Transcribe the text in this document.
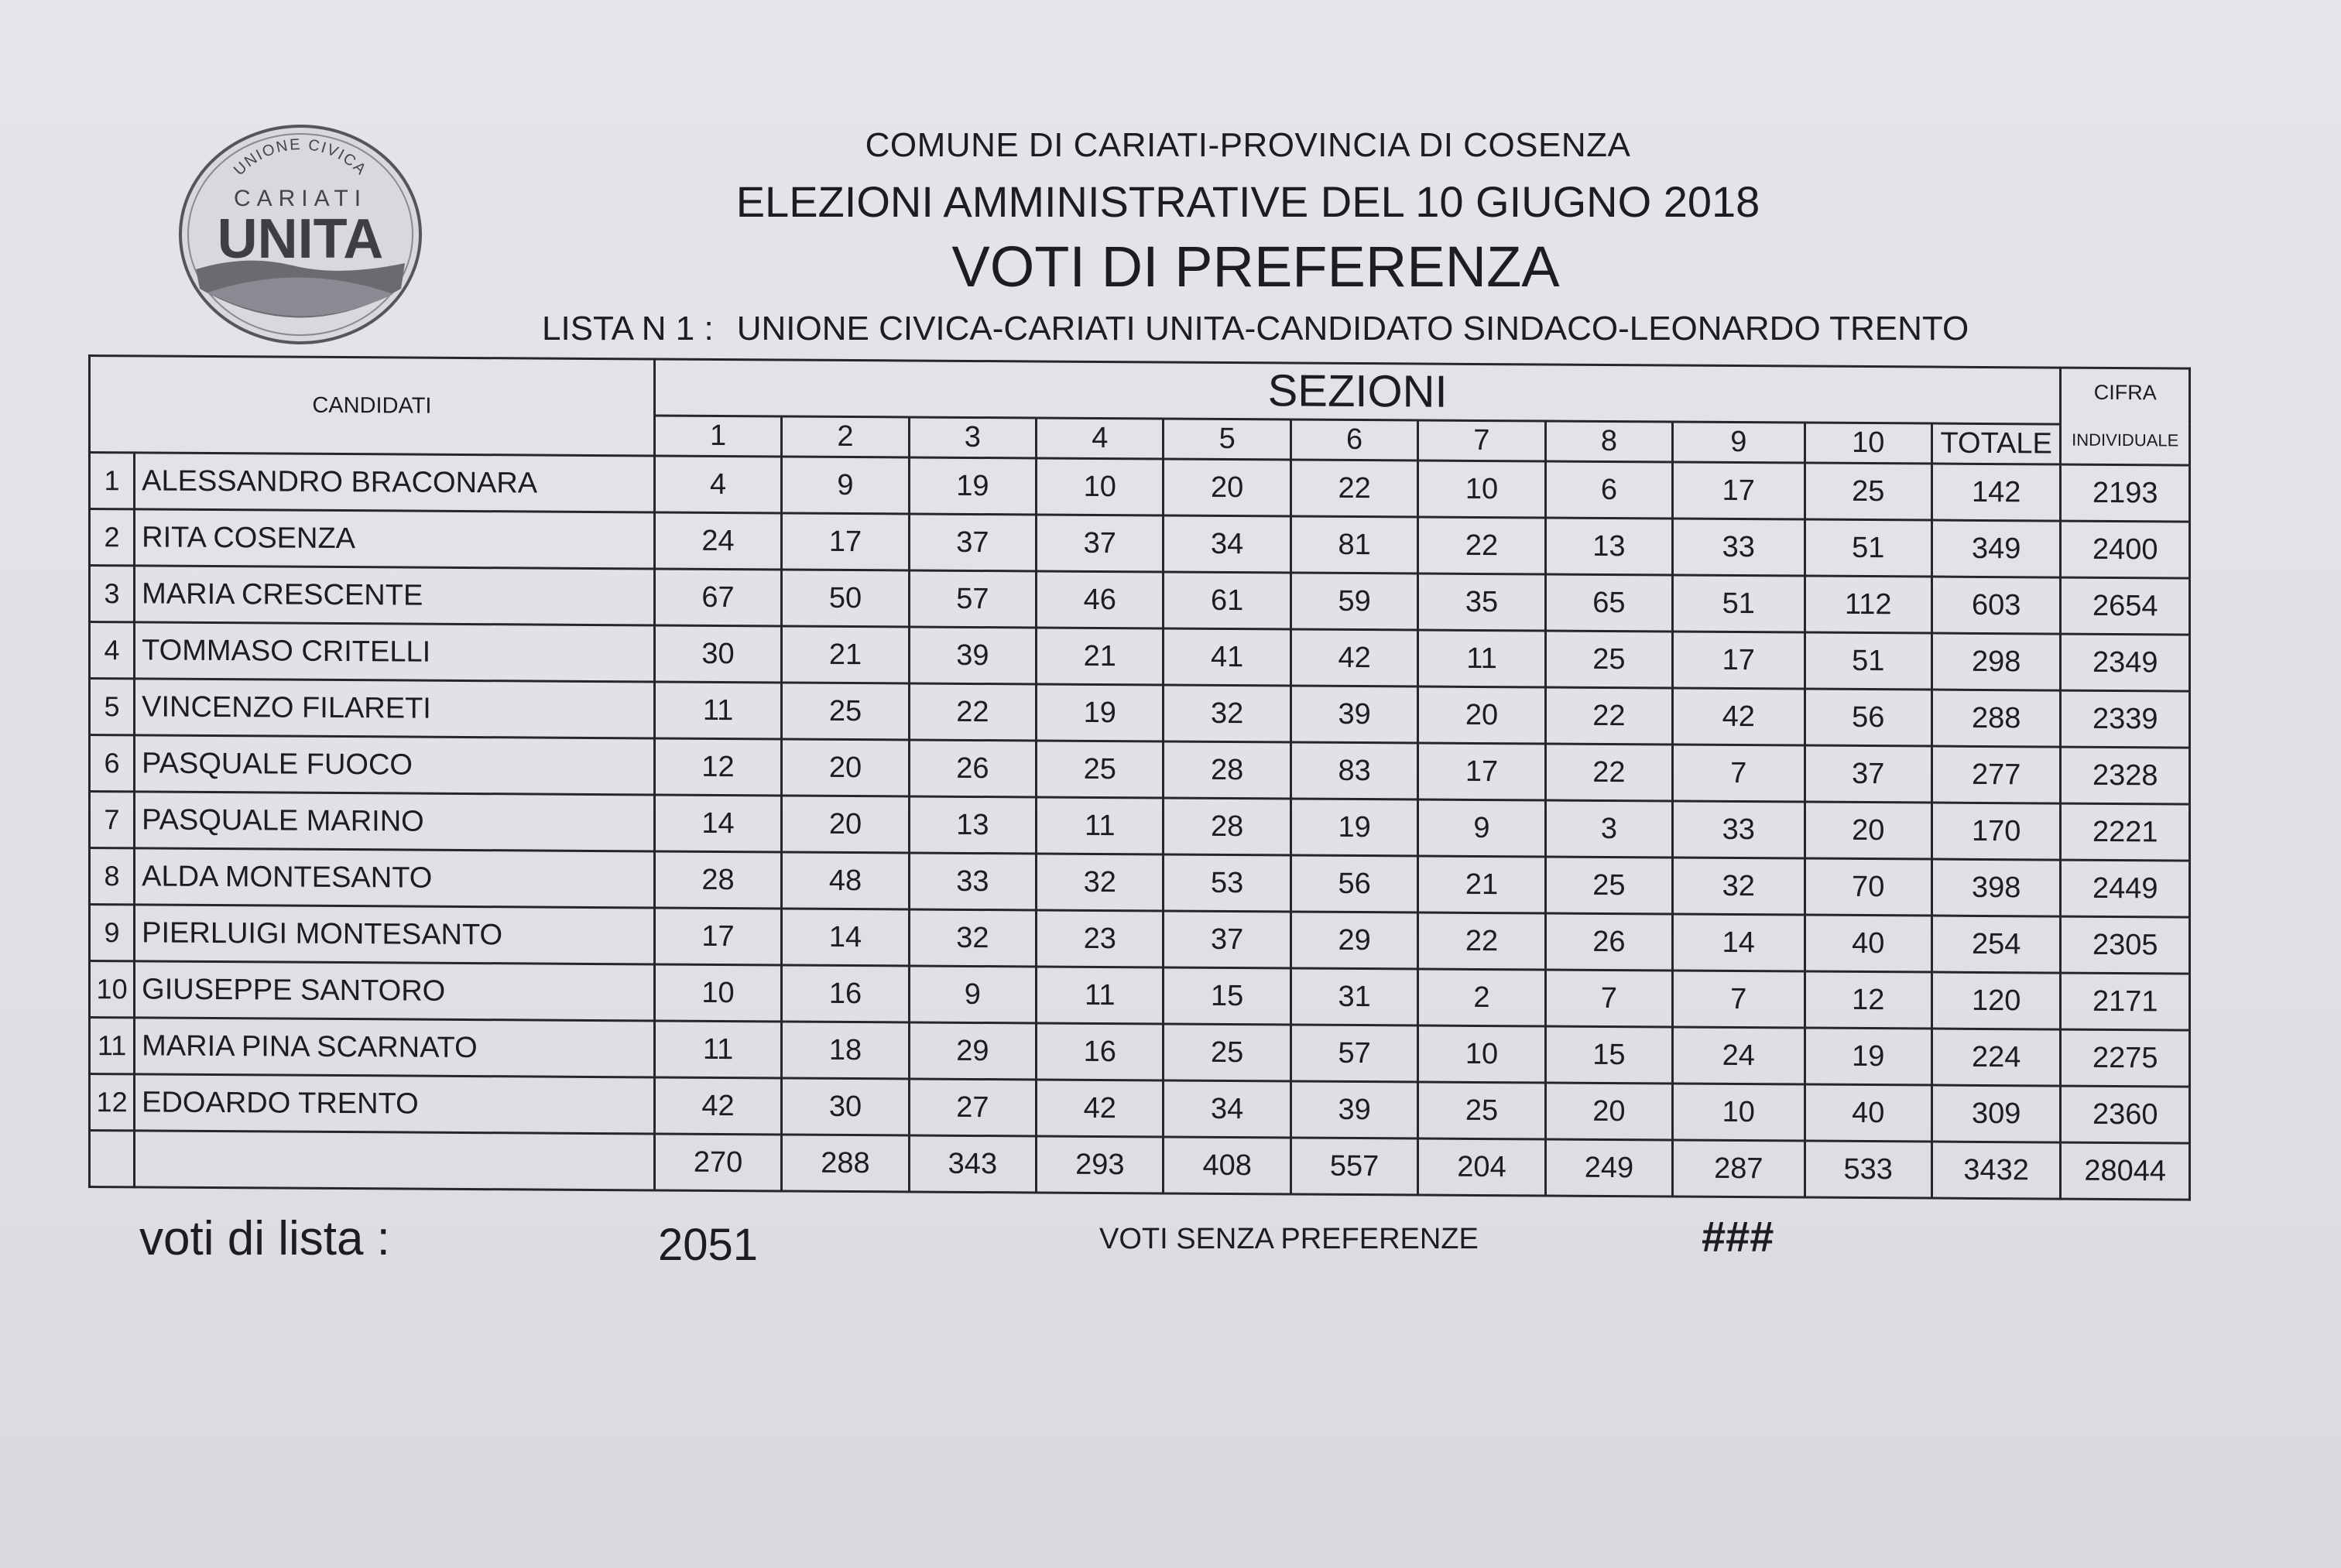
UNIONE CIVICA
CARIATI
UNITA
COMUNE DI CARIATI-PROVINCIA DI COSENZA
ELEZIONI AMMINISTRATIVE DEL 10 GIUGNO 2018
VOTI DI PREFERENZA
LISTA N 1 : UNIONE CIVICA-CARIATI UNITA-CANDIDATO SINDACO-LEONARDO TRENTO
CANDIDATI		SEZIONI											CIFRA
INDIVIDUALE
		1	2	3	4	5	6	7	8	9	10	TOTALE	
1	ALESSANDRO BRACONARA	4	9	19	10	20	22	10	6	17	25	142	2193
2	RITA COSENZA	24	17	37	37	34	81	22	13	33	51	349	2400
3	MARIA CRESCENTE	67	50	57	46	61	59	35	65	51	112	603	2654
4	TOMMASO CRITELLI	30	21	39	21	41	42	11	25	17	51	298	2349
5	VINCENZO FILARETI	11	25	22	19	32	39	20	22	42	56	288	2339
6	PASQUALE FUOCO	12	20	26	25	28	83	17	22	7	37	277	2328
7	PASQUALE MARINO	14	20	13	11	28	19	9	3	33	20	170	2221
8	ALDA MONTESANTO	28	48	33	32	53	56	21	25	32	70	398	2449
9	PIERLUIGI MONTESANTO	17	14	32	23	37	29	22	26	14	40	254	2305
10	GIUSEPPE SANTORO	10	16	9	11	15	31	2	7	7	12	120	2171
11	MARIA PINA SCARNATO	11	18	29	16	25	57	10	15	24	19	224	2275
12	EDOARDO TRENTO	42	30	27	42	34	39	25	20	10	40	309	2360
		270	288	343	293	408	557	204	249	287	533	3432	28044
voti di lista :	2051	VOTI SENZA PREFERENZE	###
